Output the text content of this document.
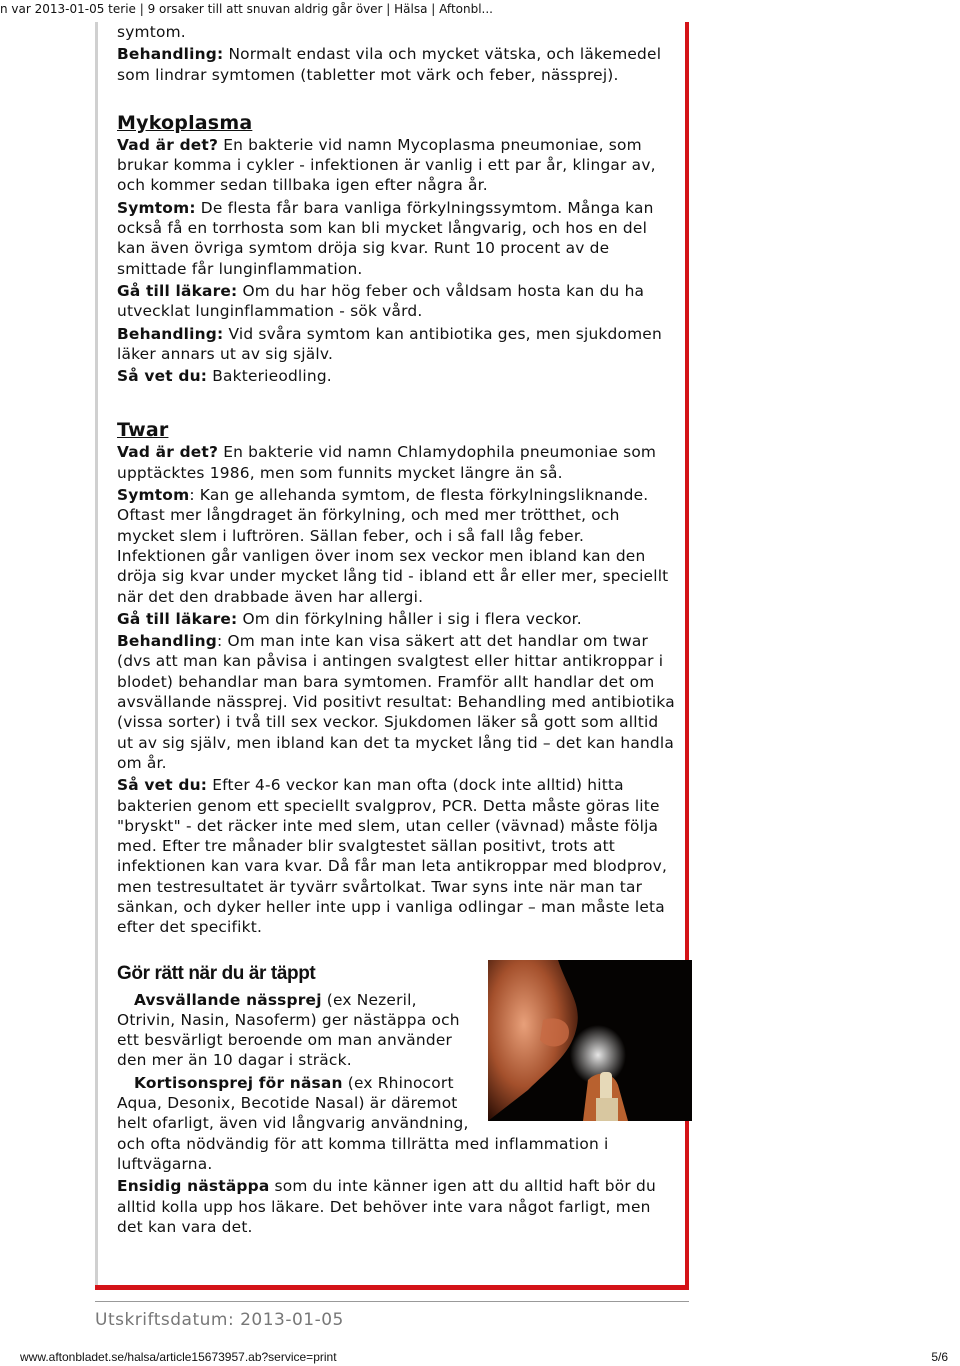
n var 2013-01-05 terie | 9 orsaker till att snuvan aldrig går över | Hälsa | Aftonbl...

symtom.

Behandling: Normalt endast vila och mycket vätska, och läkemedel som lindrar symtomen (tabletter mot värk och feber, nässprej).

Mykoplasma

Vad är det? En bakterie vid namn Mycoplasma pneumoniae, som brukar komma i cykler - infektionen är vanlig i ett par år, klingar av, och kommer sedan tillbaka igen efter några år.

Symtom: De flesta får bara vanliga förkylningssymtom. Många kan också få en torrhosta som kan bli mycket långvarig, och hos en del kan även övriga symtom dröja sig kvar. Runt 10 procent av de smittade får lunginflammation.

Gå till läkare: Om du har hög feber och våldsam hosta kan du ha utvecklat lunginflammation - sök vård.

Behandling: Vid svåra symtom kan antibiotika ges, men sjukdomen läker annars ut av sig själv.

Så vet du: Bakterieodling.

Twar

Vad är det? En bakterie vid namn Chlamydophila pneumoniae som upptäcktes 1986, men som funnits mycket längre än så.

Symtom: Kan ge allehanda symtom, de flesta förkylningsliknande. Oftast mer långdraget än förkylning, och med mer trötthet, och mycket slem i luftrören. Sällan feber, och i så fall låg feber. Infektionen går vanligen över inom sex veckor men ibland kan den dröja sig kvar under mycket lång tid - ibland ett år eller mer, speciellt när det den drabbade även har allergi.

Gå till läkare: Om din förkylning håller i sig i flera veckor.

Behandling: Om man inte kan visa säkert att det handlar om twar (dvs att man kan påvisa i antingen svalgtest eller hittar antikroppar i blodet) behandlar man bara symtomen. Framför allt handlar det om avsvällande nässprej. Vid positivt resultat: Behandling med antibiotika (vissa sorter) i två till sex veckor. Sjukdomen läker så gott som alltid ut av sig själv, men ibland kan det ta mycket lång tid – det kan handla om år.

Så vet du: Efter 4-6 veckor kan man ofta (dock inte alltid) hitta bakterien genom ett speciellt svalgprov, PCR. Detta måste göras lite "bryskt" - det räcker inte med slem, utan celler (vävnad) måste följa med. Efter tre månader blir svalgtestet sällan positivt, trots att infektionen kan vara kvar. Då får man leta antikroppar med blodprov, men testresultatet är tyvärr svårtolkat. Twar syns inte när man tar sänkan, och dyker heller inte upp i vanliga odlingar – man måste leta efter det specifikt.

Gör rätt när du är täppt

Avsvällande nässprej (ex Nezeril, Otrivin, Nasin, Nasoferm) ger nästäppa och ett besvärligt beroende om man använder den mer än 10 dagar i sträck.

Kortisonsprej för näsan (ex Rhinocort Aqua, Desonix, Becotide Nasal) är däremot helt ofarligt, även vid långvarig användning, och ofta nödvändig för att komma tillrätta med inflammation i luftvägarna.

Ensidig nästäppa som du inte känner igen att du alltid haft bör du alltid kolla upp hos läkare. Det behöver inte vara något farligt, men det kan vara det.

Utskriftsdatum: 2013-01-05
www.aftonbladet.se/halsa/article15673957.ab?service=print	5/6
